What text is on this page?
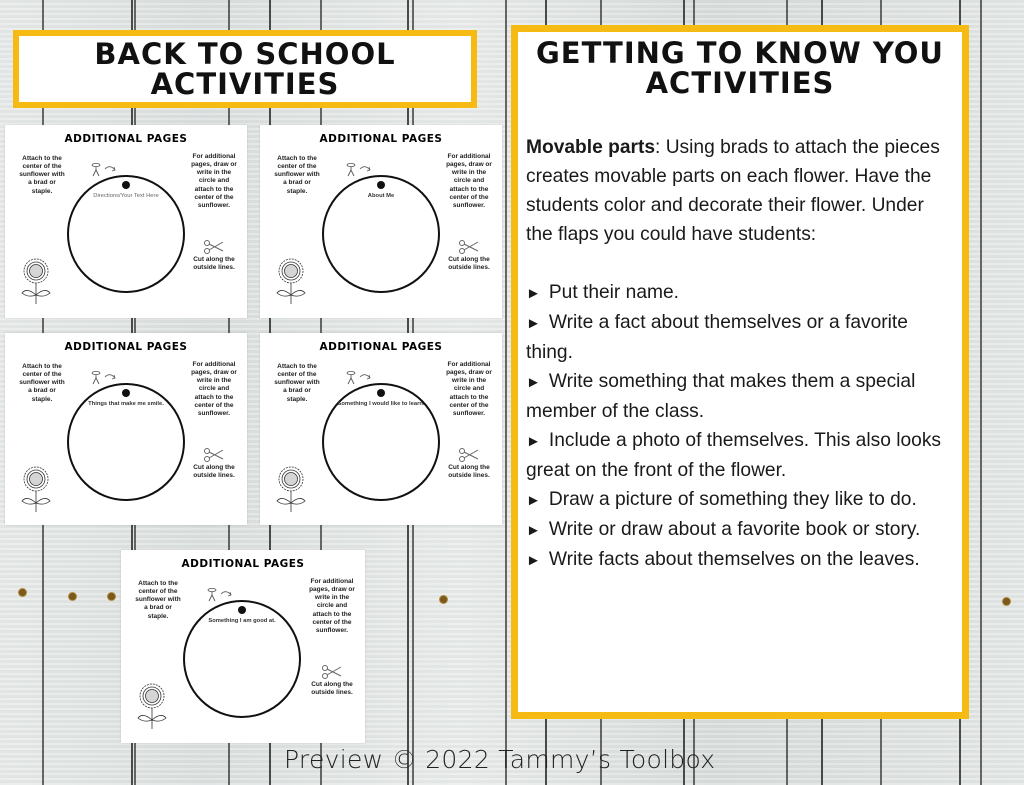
BACK TO SCHOOL
ACTIVITIES
ADDITIONAL PAGES
Attach to the center of the sunflower with a brad or staple.
Directions/Your Text Here
For additional pages, draw or write in the circle and attach to the center of the sunflower.
Cut along the outside lines.
·
ADDITIONAL PAGES
Attach to the center of the sunflower with a brad or staple.
About Me
For additional pages, draw or write in the circle and attach to the center of the sunflower.
Cut along the outside lines.
·
ADDITIONAL PAGES
Attach to the center of the sunflower with a brad or staple.
Things that make me smile.
For additional pages, draw or write in the circle and attach to the center of the sunflower.
Cut along the outside lines.
·
ADDITIONAL PAGES
Attach to the center of the sunflower with a brad or staple.
Something I would like to learn.
For additional pages, draw or write in the circle and attach to the center of the sunflower.
Cut along the outside lines.
·
ADDITIONAL PAGES
Attach to the center of the sunflower with a brad or staple.
Something I am good at.
For additional pages, draw or write in the circle and attach to the center of the sunflower.
Cut along the outside lines.
·
GETTING TO KNOW YOU
ACTIVITIES

Movable parts: Using brads to attach the pieces creates movable parts on each flower. Have the students color and decorate their flower. Under the flaps you could have students:

► Put their name.

► Write a fact about themselves or a favorite thing.

► Write something that makes them a special member of the class.

► Include a photo of themselves. This also looks great on the front of the flower.

► Draw a picture of something they like to do.

► Write or draw about a favorite book or story.

► Write facts about themselves on the leaves.

Preview © 2022 Tammy’s Toolbox
